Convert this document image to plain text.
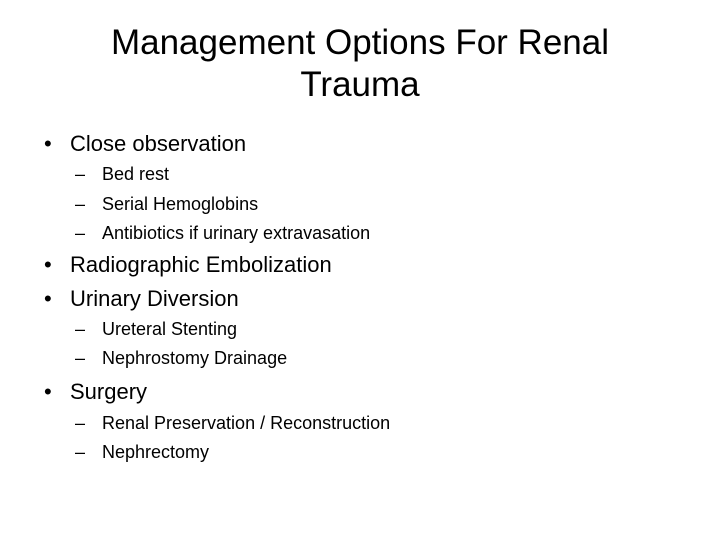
Management Options For Renal Trauma
• Close observation
– Bed rest
– Serial Hemoglobins
– Antibiotics if urinary extravasation
• Radiographic Embolization
• Urinary Diversion
– Ureteral Stenting
– Nephrostomy Drainage
• Surgery
– Renal Preservation / Reconstruction
– Nephrectomy
